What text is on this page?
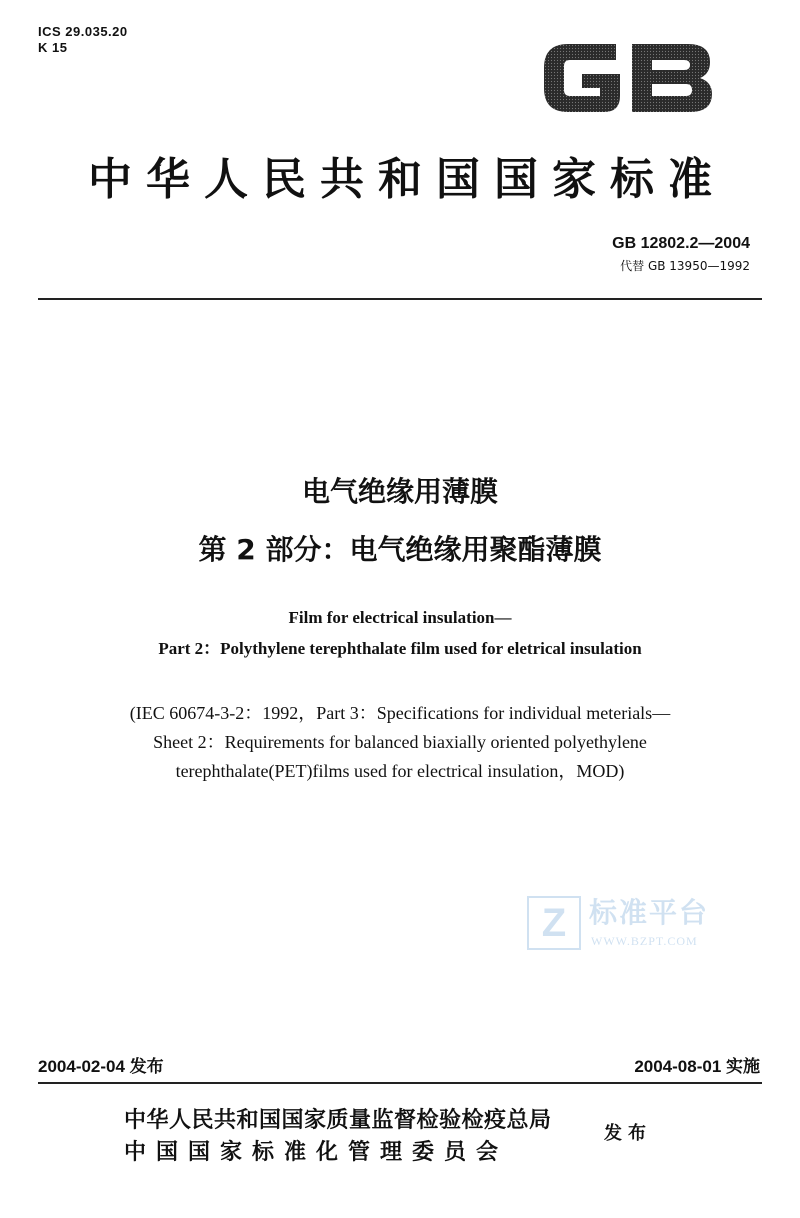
ICS 29.035.20
K 15
中华人民共和国国家标准
GB 12802.2—2004
代替 GB 13950—1992
电气绝缘用薄膜
第 2 部分：电气绝缘用聚酯薄膜
Film for electrical insulation—
Part 2：Polythylene terephthalate film used for eletrical insulation
(IEC 60674-3-2：1992，Part 3：Specifications for individual meterials—
Sheet 2：Requirements for balanced biaxially oriented polyethylene
terephthalate(PET)films used for electrical insulation，MOD)
Z 标准平台
WWW.BZPT.COM
2004-02-04 发布	2004-08-01 实施
中华人民共和国国家质量监督检验检疫总局
中国国家标准化管理委员会
发布
